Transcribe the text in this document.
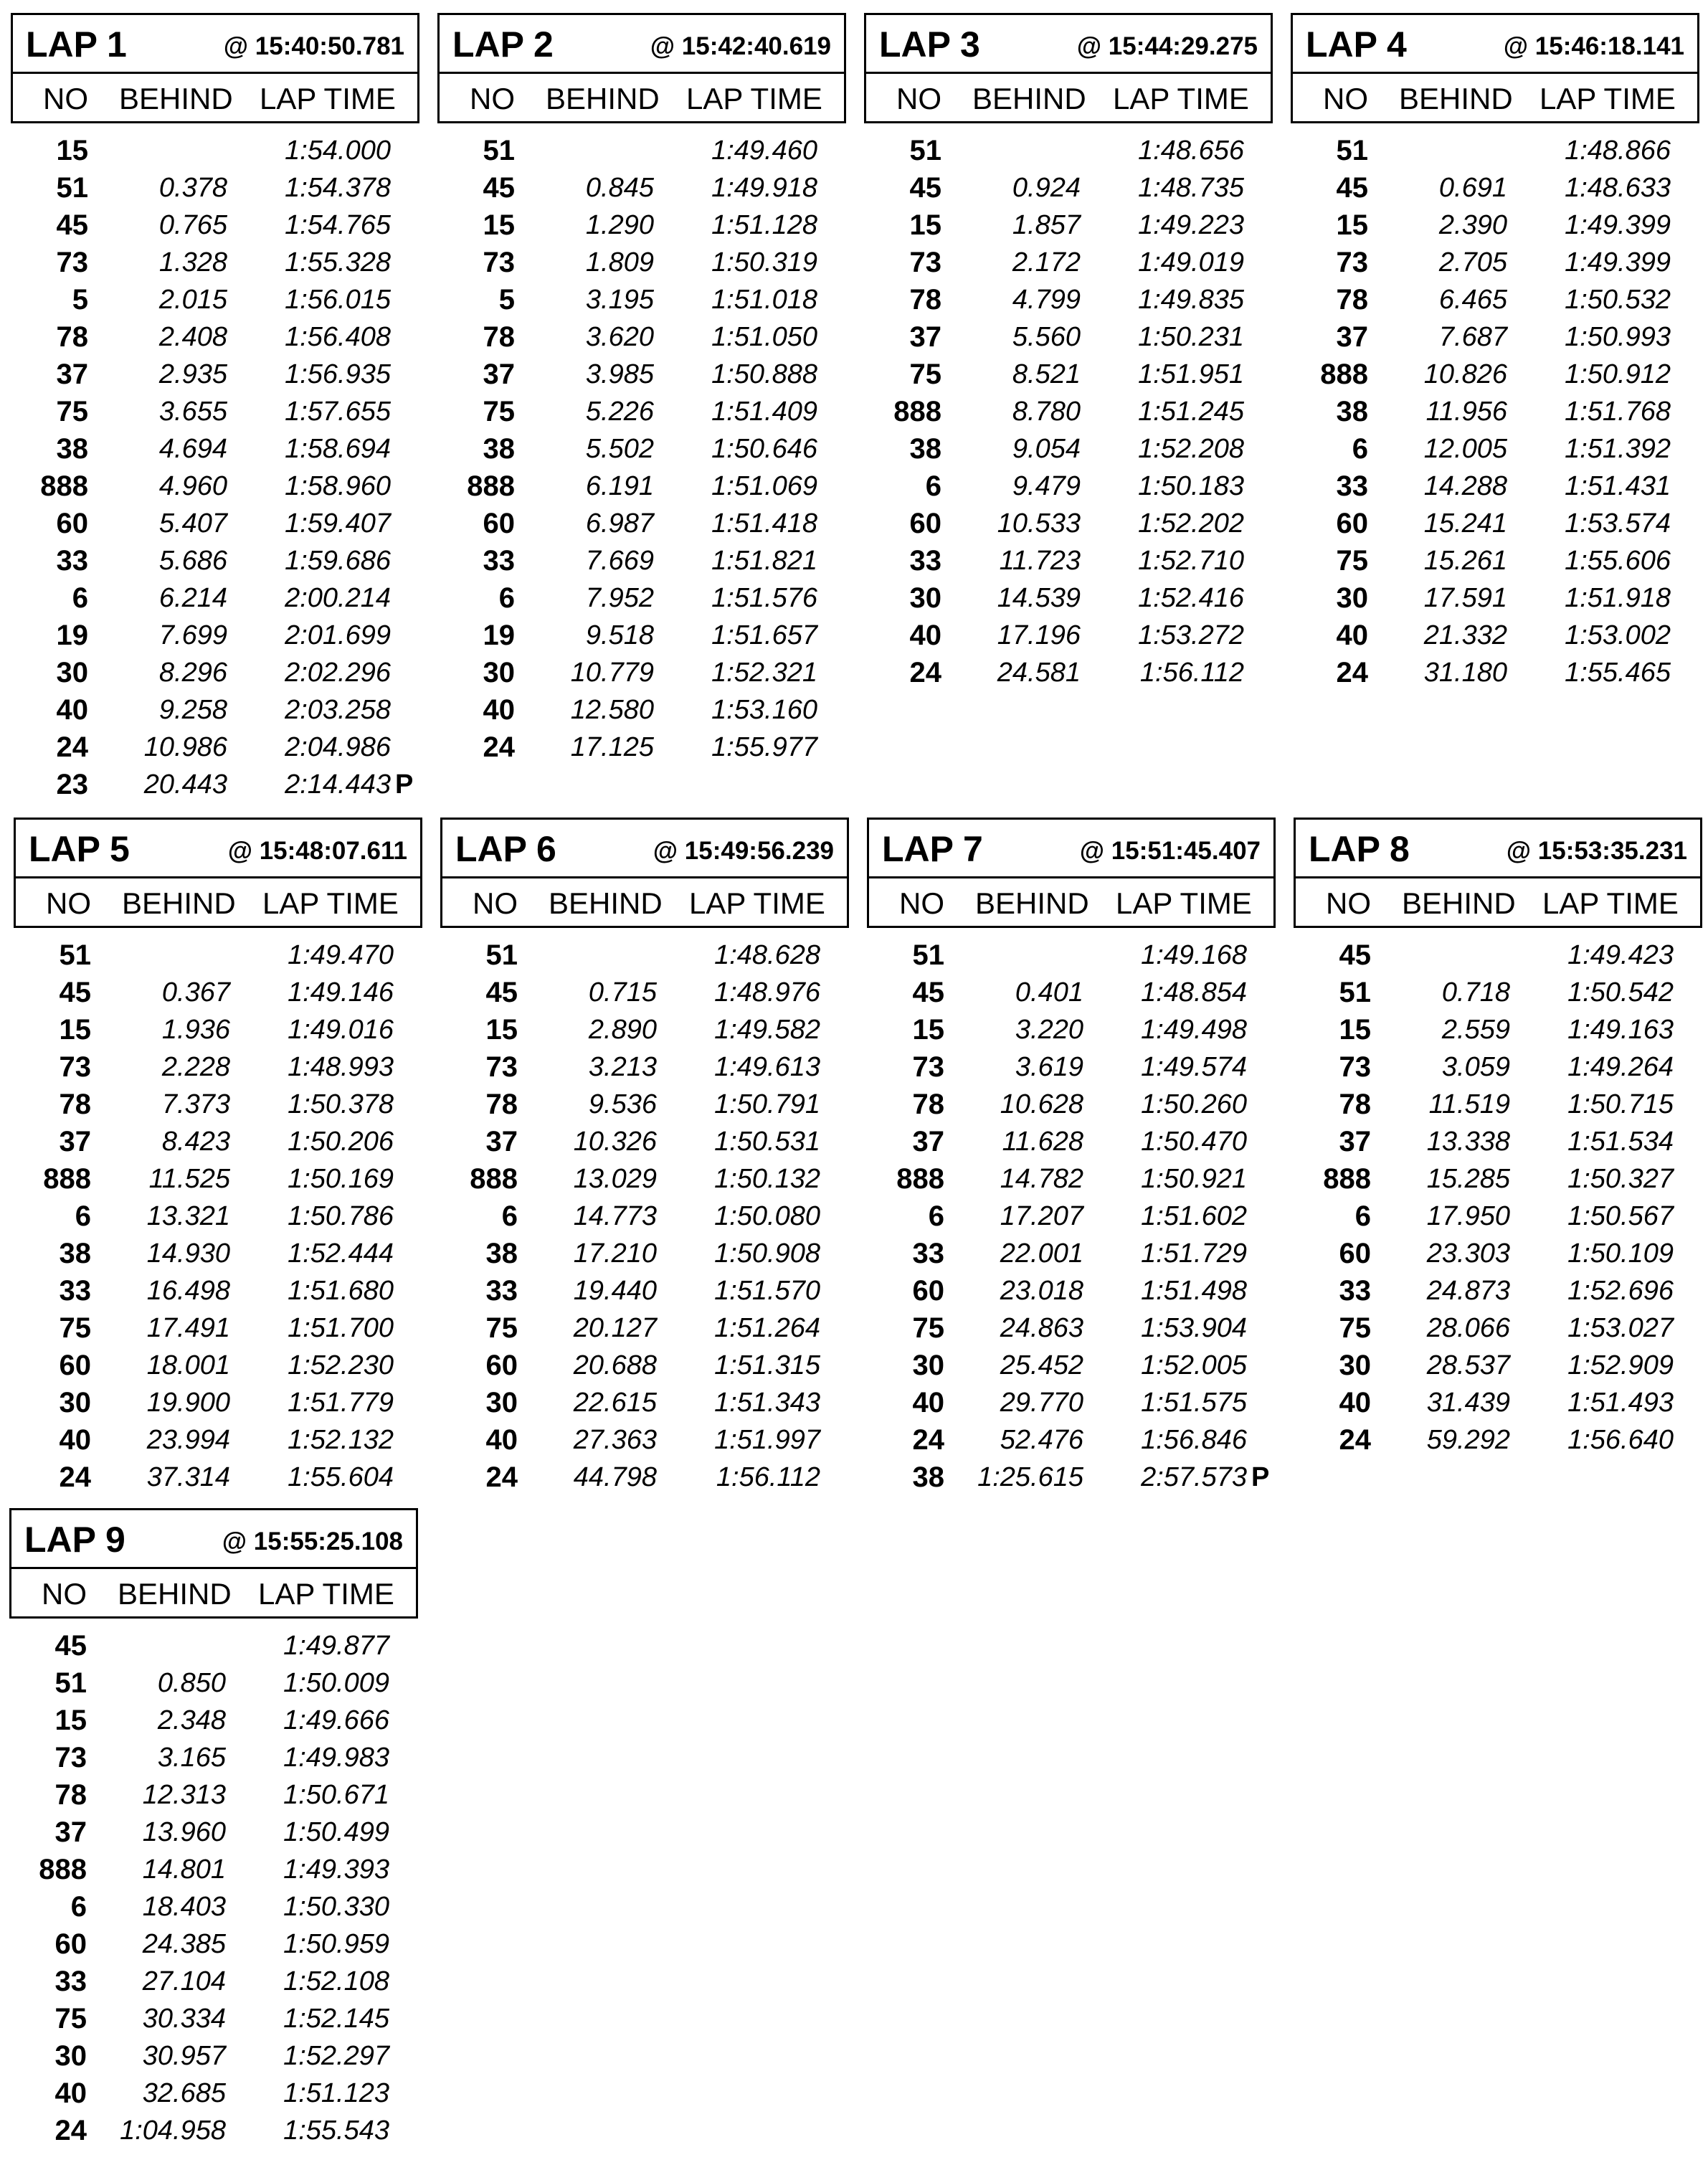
LAP 1	@ 15:40:50.781
NO BEHIND LAP TIME
15	1:54.000
51	0.378 1:54.378
45	0.765 1:54.765
73	1.328 1:55.328
5	2.015 1:56.015
78	2.408 1:56.408
37	2.935 1:56.935
75	3.655 1:57.655
38	4.694 1:58.694
888	4.960 1:58.960
60	5.407 1:59.407
33	5.686 1:59.686
6	6.214 2:00.214
19	7.699 2:01.699
30	8.296 2:02.296
40	9.258 2:03.258
24 10.986 2:04.986
23 20.443 2:14.443 P
LAP 2	@ 15:42:40.619
NO BEHIND LAP TIME
51	1:49.460
45	0.845 1:49.918
15	1.290 1:51.128
73	1.809 1:50.319
5	3.195 1:51.018
78	3.620 1:51.050
37	3.985 1:50.888
75	5.226 1:51.409
38	5.502 1:50.646
888	6.191 1:51.069
60	6.987 1:51.418
33	7.669 1:51.821
6	7.952 1:51.576
19	9.518 1:51.657
30 10.779 1:52.321
40 12.580 1:53.160
24 17.125 1:55.977
LAP 3	@ 15:44:29.275
NO BEHIND LAP TIME
51	1:48.656
45	0.924 1:48.735
15	1.857 1:49.223
73	2.172 1:49.019
78	4.799 1:49.835
37	5.560 1:50.231
75	8.521 1:51.951
888	8.780 1:51.245
38	9.054 1:52.208
6	9.479 1:50.183
60 10.533 1:52.202
33 11.723 1:52.710
30 14.539 1:52.416
40 17.196 1:53.272
24 24.581 1:56.112
LAP 4	@ 15:46:18.141
NO BEHIND LAP TIME
51	1:48.866
45	0.691 1:48.633
15	2.390 1:49.399
73	2.705 1:49.399
78	6.465 1:50.532
37	7.687 1:50.993
888 10.826 1:50.912
38 11.956 1:51.768
6 12.005 1:51.392
33 14.288 1:51.431
60 15.241 1:53.574
75 15.261 1:55.606
30 17.591 1:51.918
40 21.332 1:53.002
24 31.180 1:55.465
LAP 5	@ 15:48:07.611
NO BEHIND LAP TIME
51	1:49.470
45	0.367 1:49.146
15	1.936 1:49.016
73	2.228 1:48.993
78	7.373 1:50.378
37	8.423 1:50.206
888 11.525 1:50.169
6 13.321 1:50.786
38 14.930 1:52.444
33 16.498 1:51.680
75 17.491 1:51.700
60 18.001 1:52.230
30 19.900 1:51.779
40 23.994 1:52.132
24 37.314 1:55.604
LAP 6	@ 15:49:56.239
NO BEHIND LAP TIME
51	1:48.628
45	0.715 1:48.976
15	2.890 1:49.582
73	3.213 1:49.613
78	9.536 1:50.791
37 10.326 1:50.531
888 13.029 1:50.132
6 14.773 1:50.080
38 17.210 1:50.908
33 19.440 1:51.570
75 20.127 1:51.264
60 20.688 1:51.315
30 22.615 1:51.343
40 27.363 1:51.997
24 44.798 1:56.112
LAP 7	@ 15:51:45.407
NO BEHIND LAP TIME
51	1:49.168
45	0.401 1:48.854
15	3.220 1:49.498
73	3.619 1:49.574
78 10.628 1:50.260
37 11.628 1:50.470
888 14.782 1:50.921
6 17.207 1:51.602
33 22.001 1:51.729
60 23.018 1:51.498
75 24.863 1:53.904
30 25.452 1:52.005
40 29.770 1:51.575
24 52.476 1:56.846
38 1:25.615 2:57.573 P
LAP 8	@ 15:53:35.231
NO BEHIND LAP TIME
45	1:49.423
51	0.718 1:50.542
15	2.559 1:49.163
73	3.059 1:49.264
78 11.519 1:50.715
37 13.338 1:51.534
888 15.285 1:50.327
6 17.950 1:50.567
60 23.303 1:50.109
33 24.873 1:52.696
75 28.066 1:53.027
30 28.537 1:52.909
40 31.439 1:51.493
24 59.292 1:56.640
LAP 9	@ 15:55:25.108
NO BEHIND LAP TIME
45	1:49.877
51	0.850 1:50.009
15	2.348 1:49.666
73	3.165 1:49.983
78 12.313 1:50.671
37 13.960 1:50.499
888 14.801 1:49.393
6 18.403 1:50.330
60 24.385 1:50.959
33 27.104 1:52.108
75 30.334 1:52.145
30 30.957 1:52.297
40 32.685 1:51.123
24 1:04.958 1:55.543
